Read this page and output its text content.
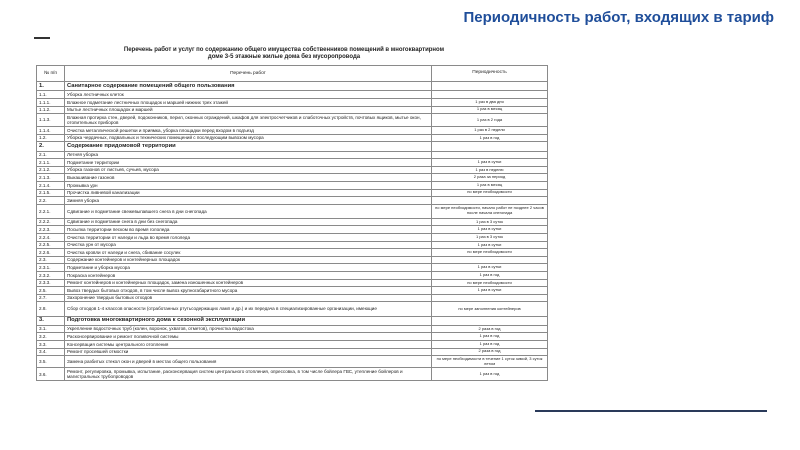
Периодичность работ, входящих в тариф
Перечень работ и услуг по содержанию общего имущества собственников помещений в многоквартирном
доме 3-5 этажные жилые дома без мусоропровода
№ п/п	Перечень работ	Периодичность
1.	Санитарное содержание помещений общего пользования	
1.1.	Уборка лестничных клеток	
1.1.1.	Влажное подметание лестничных площадок и маршей нижних трех этажей	1 раз в два дня
1.1.2.	Мытье лестничных площадок и маршей	1 раз в месяц
1.1.3.	Влажная протирка стен, дверей, подоконников, перил, оконных ограждений, шкафов для электросчетчиков и слаботочных устройств, почтовых ящиков, мытье окон, отопительных приборов	1 раз в 2 года
1.1.4.	Очистка металлической решетки и приямка, уборка площадки перед входом в подъезд	1 раз в 2 недели
1.2.	Уборка чердачных, подвальных и технических помещений с последующим вывозом мусора	1 раз в год
2.	Содержание придомовой территории	
2.1.	Летняя уборка	
2.1.1.	Подметание территории	1 раз в сутки
2.1.2.	Уборка газонов от листьев, сучьев, мусора	1 раз в неделю
2.1.3.	Выкашивание газонов	2 раза за период
2.1.4.	Промывка урн	1 раз в месяц
2.1.5.	Прочистка ливневой канализации	по мере необходимости
2.2.	Зимняя уборка	
2.2.1.	Сдвигание и подметание свежевыпавшего снега в дни снегопада	по мере необходимости, начало работ не позднее 2 часов после начала снегопада
2.2.2.	Сдвигание и подметание снега в дни без снегопада	1 раз в 3 суток
2.2.3.	Посыпка территории песком во время гололеда	1 раз в сутки
2.2.4.	Очистка территории от наледи и льда во время гололеда	1 раз в 3 суток
2.2.5.	Очистка урн от мусора	1 раз в сутки
2.2.6.	Очистка кровли от наледи и снега, сбивание сосулек	по мере необходимости
2.3.	Содержание контейнеров и контейнерных площадок	
2.3.1.	Подметание и уборка мусора	1 раз в сутки
2.3.2.	Покраска контейнеров	1 раз в год
2.3.3.	Ремонт контейнеров и контейнерных площадок, замена изношенных контейнеров	по мере необходимости
2.5.	Вывоз твердых бытовых отходов, в том числе вывоз крупногабаритного мусора	1 раз в сутки
2.7.	Захоронение твердых бытовых отходов	
2.8.	Сбор отходов 1-4 классов опасности (отработанных ртутьсодержащих ламп и др.) и их передача в специализированные организации, имеющие	по мере заполнения контейнеров
3.	Подготовка многоквартирного дома к сезонной эксплуатации	
3.1.	Укрепление водосточных труб (колен, воронок, ухватов, отметов), прочистка водостока	2 раза в год
3.2.	Расконсервирование и ремонт поливочной системы	1 раз в год
3.3.	Консервация системы центрального отопления	1 раз в год
3.4.	Ремонт просевшей отмостки	2 раза в год
3.5.	Замена разбитых стекол окон и дверей в местах общего пользования	по мере необходимости в течение 1 суток зимой, 3 суток летом
3.6.	Ремонт, регулировка, промывка, испытание, расконсервация систем центрального отопления, опрессовка, в том числе бойлера ГВС, утепление бойлеров и магистральных трубопроводов	1 раз в год
